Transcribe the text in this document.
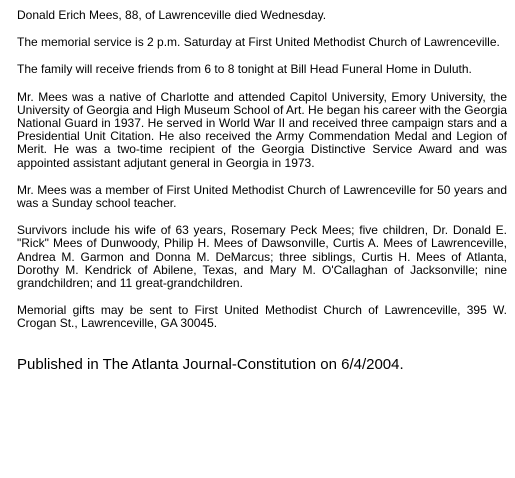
Donald Erich Mees, 88, of Lawrenceville died Wednesday.

The memorial service is 2 p.m. Saturday at First United Methodist Church of Lawrenceville.

The family will receive friends from 6 to 8 tonight at Bill Head Funeral Home in Duluth.

Mr. Mees was a native of Charlotte and attended Capitol University, Emory University, the University of Georgia and High Museum School of Art. He began his career with the Georgia National Guard in 1937. He served in World War II and received three campaign stars and a Presidential Unit Citation. He also received the Army Commendation Medal and Legion of Merit. He was a two-time recipient of the Georgia Distinctive Service Award and was appointed assistant adjutant general in Georgia in 1973.

Mr. Mees was a member of First United Methodist Church of Lawrenceville for 50 years and was a Sunday school teacher.

Survivors include his wife of 63 years, Rosemary Peck Mees; five children, Dr. Donald E. "Rick" Mees of Dunwoody, Philip H. Mees of Dawsonville, Curtis A. Mees of Lawrenceville, Andrea M. Garmon and Donna M. DeMarcus; three siblings, Curtis H. Mees of Atlanta, Dorothy M. Kendrick of Abilene, Texas, and Mary M. O'Callaghan of Jacksonville; nine grandchildren; and 11 great-grandchildren.

Memorial gifts may be sent to First United Methodist Church of Lawrenceville, 395 W. Crogan St., Lawrenceville, GA 30045.

Published in The Atlanta Journal-Constitution on 6/4/2004.
